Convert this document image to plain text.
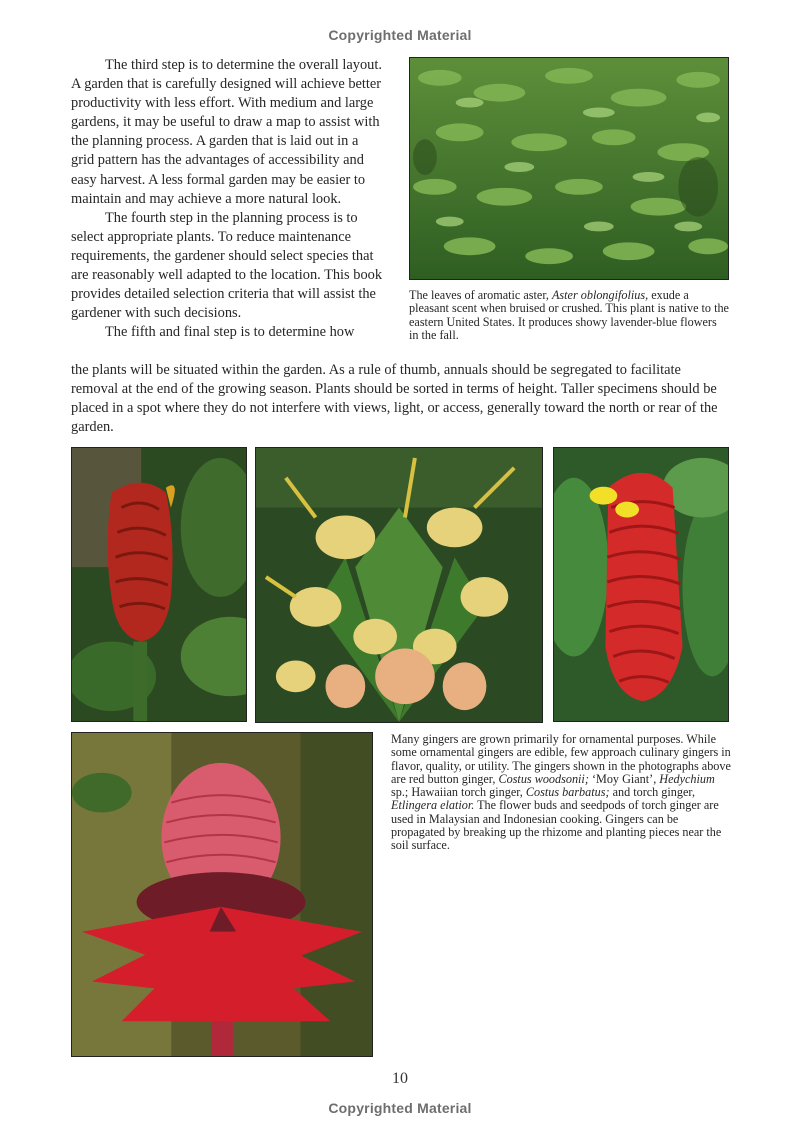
Copyrighted Material

The third step is to determine the overall layout. A garden that is carefully designed will achieve better productivity with less effort. With medium and large gardens, it may be useful to draw a map to assist with the planning process. A garden that is laid out in a grid pattern has the advantages of accessibility and easy harvest. A less formal garden may be easier to maintain and may achieve a more natural look.

The fourth step in the planning process is to select appropriate plants. To reduce maintenance requirements, the gardener should select species that are reasonably well adapted to the location. This book provides detailed selection criteria that will assist the gardener with such decisions.

The fifth and final step is to determine how

the plants will be situated within the garden. As a rule of thumb, annuals should be segregated to facilitate removal at the end of the growing season. Plants should be sorted in terms of height. Taller specimens should be placed in a spot where they do not interfere with views, light, or access, generally toward the north or rear of the garden.
The leaves of aromatic aster, Aster oblongifolius, exude a pleasant scent when bruised or crushed. This plant is native to the eastern United States. It produces showy lavender-blue flowers in the fall.
Many gingers are grown primarily for ornamental purposes. While some ornamental gingers are edible, few approach culinary gingers in flavor, quality, or utility. The gingers shown in the photographs above are red button ginger, Costus woodsonii; ‘Moy Giant’, Hedychium sp.; Hawaiian torch ginger, Costus barbatus; and torch ginger, Etlingera elatior. The flower buds and seedpods of torch ginger are used in Malaysian and Indonesian cooking. Gingers can be propagated by breaking up the rhizome and planting pieces near the soil surface.
10
Copyrighted Material
